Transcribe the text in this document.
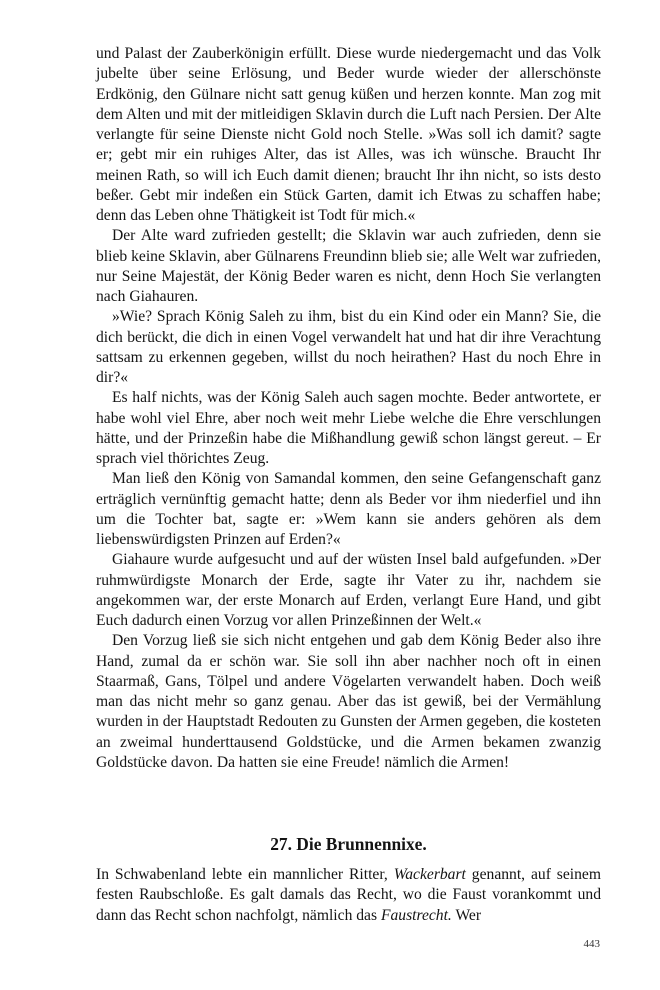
und Palast der Zauberkönigin erfüllt. Diese wurde niedergemacht und das Volk jubelte über seine Erlösung, und Beder wurde wieder der allerschönste Erdkönig, den Gülnare nicht satt genug küßen und herzen konnte. Man zog mit dem Alten und mit der mitleidigen Sklavin durch die Luft nach Persien. Der Alte verlangte für seine Dienste nicht Gold noch Stelle. »Was soll ich damit? sagte er; gebt mir ein ruhiges Alter, das ist Alles, was ich wünsche. Braucht Ihr meinen Rath, so will ich Euch damit dienen; braucht Ihr ihn nicht, so ists desto beßer. Gebt mir indeßen ein Stück Garten, damit ich Etwas zu schaffen habe; denn das Leben ohne Thätigkeit ist Todt für mich.«

Der Alte ward zufrieden gestellt; die Sklavin war auch zufrieden, denn sie blieb keine Sklavin, aber Gülnarens Freundinn blieb sie; alle Welt war zufrieden, nur Seine Majestät, der König Beder waren es nicht, denn Hoch Sie verlangten nach Giahauren.

»Wie? Sprach König Saleh zu ihm, bist du ein Kind oder ein Mann? Sie, die dich berückt, die dich in einen Vogel verwandelt hat und hat dir ihre Verachtung sattsam zu erkennen gegeben, willst du noch heirathen? Hast du noch Ehre in dir?«

Es half nichts, was der König Saleh auch sagen mochte. Beder antwortete, er habe wohl viel Ehre, aber noch weit mehr Liebe welche die Ehre verschlungen hätte, und der Prinzeßin habe die Mißhandlung gewiß schon längst gereut. – Er sprach viel thörichtes Zeug.

Man ließ den König von Samandal kommen, den seine Gefangenschaft ganz erträglich vernünftig gemacht hatte; denn als Beder vor ihm niederfiel und ihn um die Tochter bat, sagte er: »Wem kann sie anders gehören als dem liebenswürdigsten Prinzen auf Erden?«

Giahaure wurde aufgesucht und auf der wüsten Insel bald aufgefunden. »Der ruhmwürdigste Monarch der Erde, sagte ihr Vater zu ihr, nachdem sie angekommen war, der erste Monarch auf Erden, verlangt Eure Hand, und gibt Euch dadurch einen Vorzug vor allen Prinzeßinnen der Welt.«

Den Vorzug ließ sie sich nicht entgehen und gab dem König Beder also ihre Hand, zumal da er schön war. Sie soll ihn aber nachher noch oft in einen Staarmaß, Gans, Tölpel und andere Vögelarten verwandelt haben. Doch weiß man das nicht mehr so ganz genau. Aber das ist gewiß, bei der Vermählung wurden in der Hauptstadt Redouten zu Gunsten der Armen gegeben, die kosteten an zweimal hunderttausend Goldstücke, und die Armen bekamen zwanzig Goldstücke davon. Da hatten sie eine Freude! nämlich die Armen!

27. Die Brunnennixe.

In Schwabenland lebte ein mannlicher Ritter, Wackerbart genannt, auf seinem festen Raubschloße. Es galt damals das Recht, wo die Faust vorankommt und dann das Recht schon nachfolgt, nämlich das Faustrecht. Wer

443
